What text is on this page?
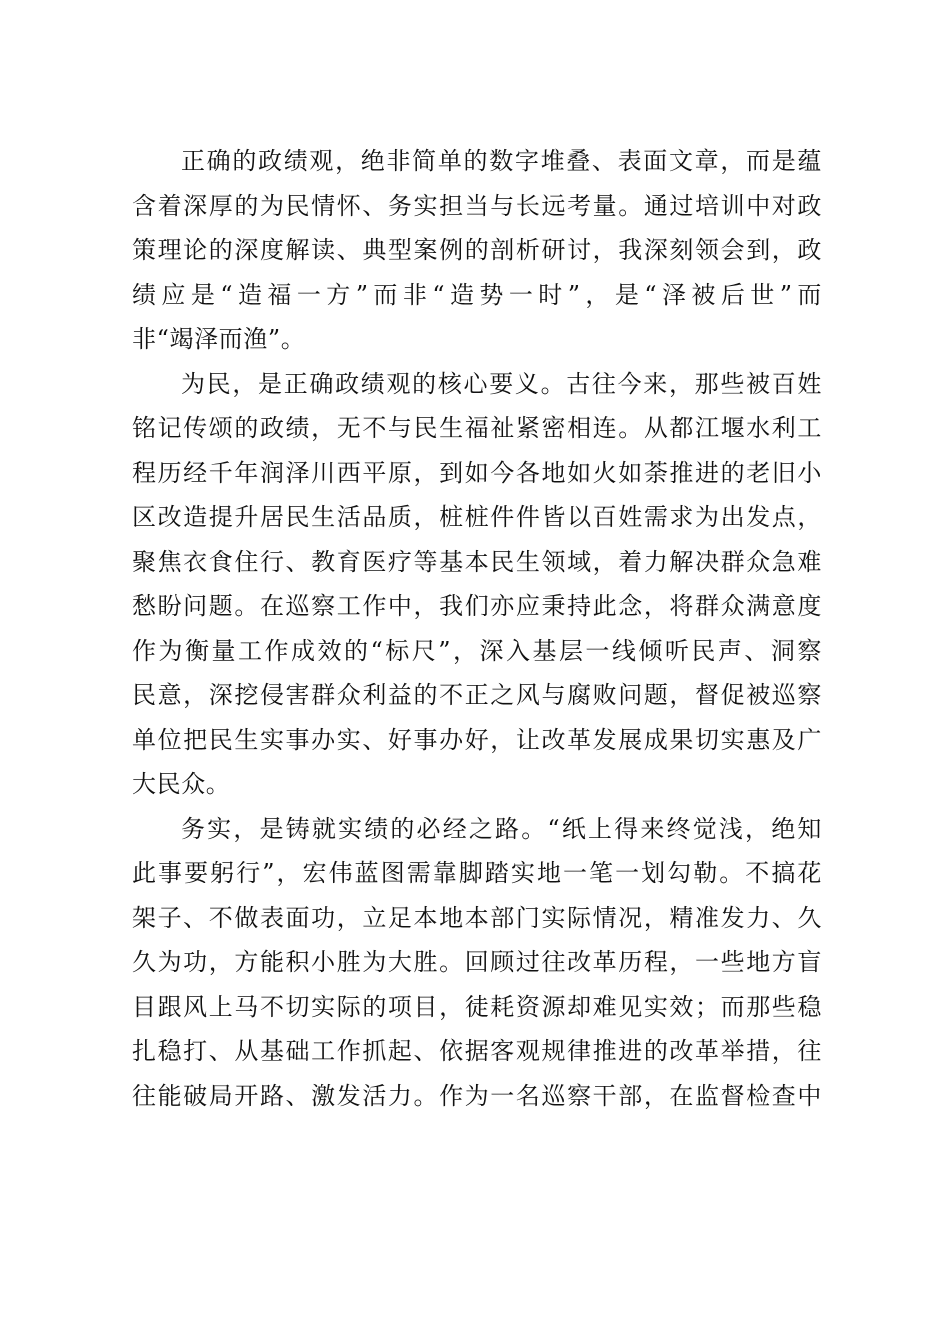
正确的政绩观，绝非简单的数字堆叠、表面文章，而是蕴
含着深厚的为民情怀、务实担当与长远考量。通过培训中对政
策理论的深度解读、典型案例的剖析研讨，我深刻领会到，政
绩应是“造福一方”而非“造势一时”，是“泽被后世”而
非“竭泽而渔”。

为民，是正确政绩观的核心要义。古往今来，那些被百姓
铭记传颂的政绩，无不与民生福祉紧密相连。从都江堰水利工
程历经千年润泽川西平原，到如今各地如火如荼推进的老旧小
区改造提升居民生活品质，桩桩件件皆以百姓需求为出发点，
聚焦衣食住行、教育医疗等基本民生领域，着力解决群众急难
愁盼问题。在巡察工作中，我们亦应秉持此念，将群众满意度
作为衡量工作成效的“标尺”，深入基层一线倾听民声、洞察
民意，深挖侵害群众利益的不正之风与腐败问题，督促被巡察
单位把民生实事办实、好事办好，让改革发展成果切实惠及广
大民众。

务实，是铸就实绩的必经之路。“纸上得来终觉浅，绝知
此事要躬行”，宏伟蓝图需靠脚踏实地一笔一划勾勒。不搞花
架子、不做表面功，立足本地本部门实际情况，精准发力、久
久为功，方能积小胜为大胜。回顾过往改革历程，一些地方盲
目跟风上马不切实际的项目，徒耗资源却难见实效；而那些稳
扎稳打、从基础工作抓起、依据客观规律推进的改革举措，往
往能破局开路、激发活力。作为一名巡察干部，在监督检查中
